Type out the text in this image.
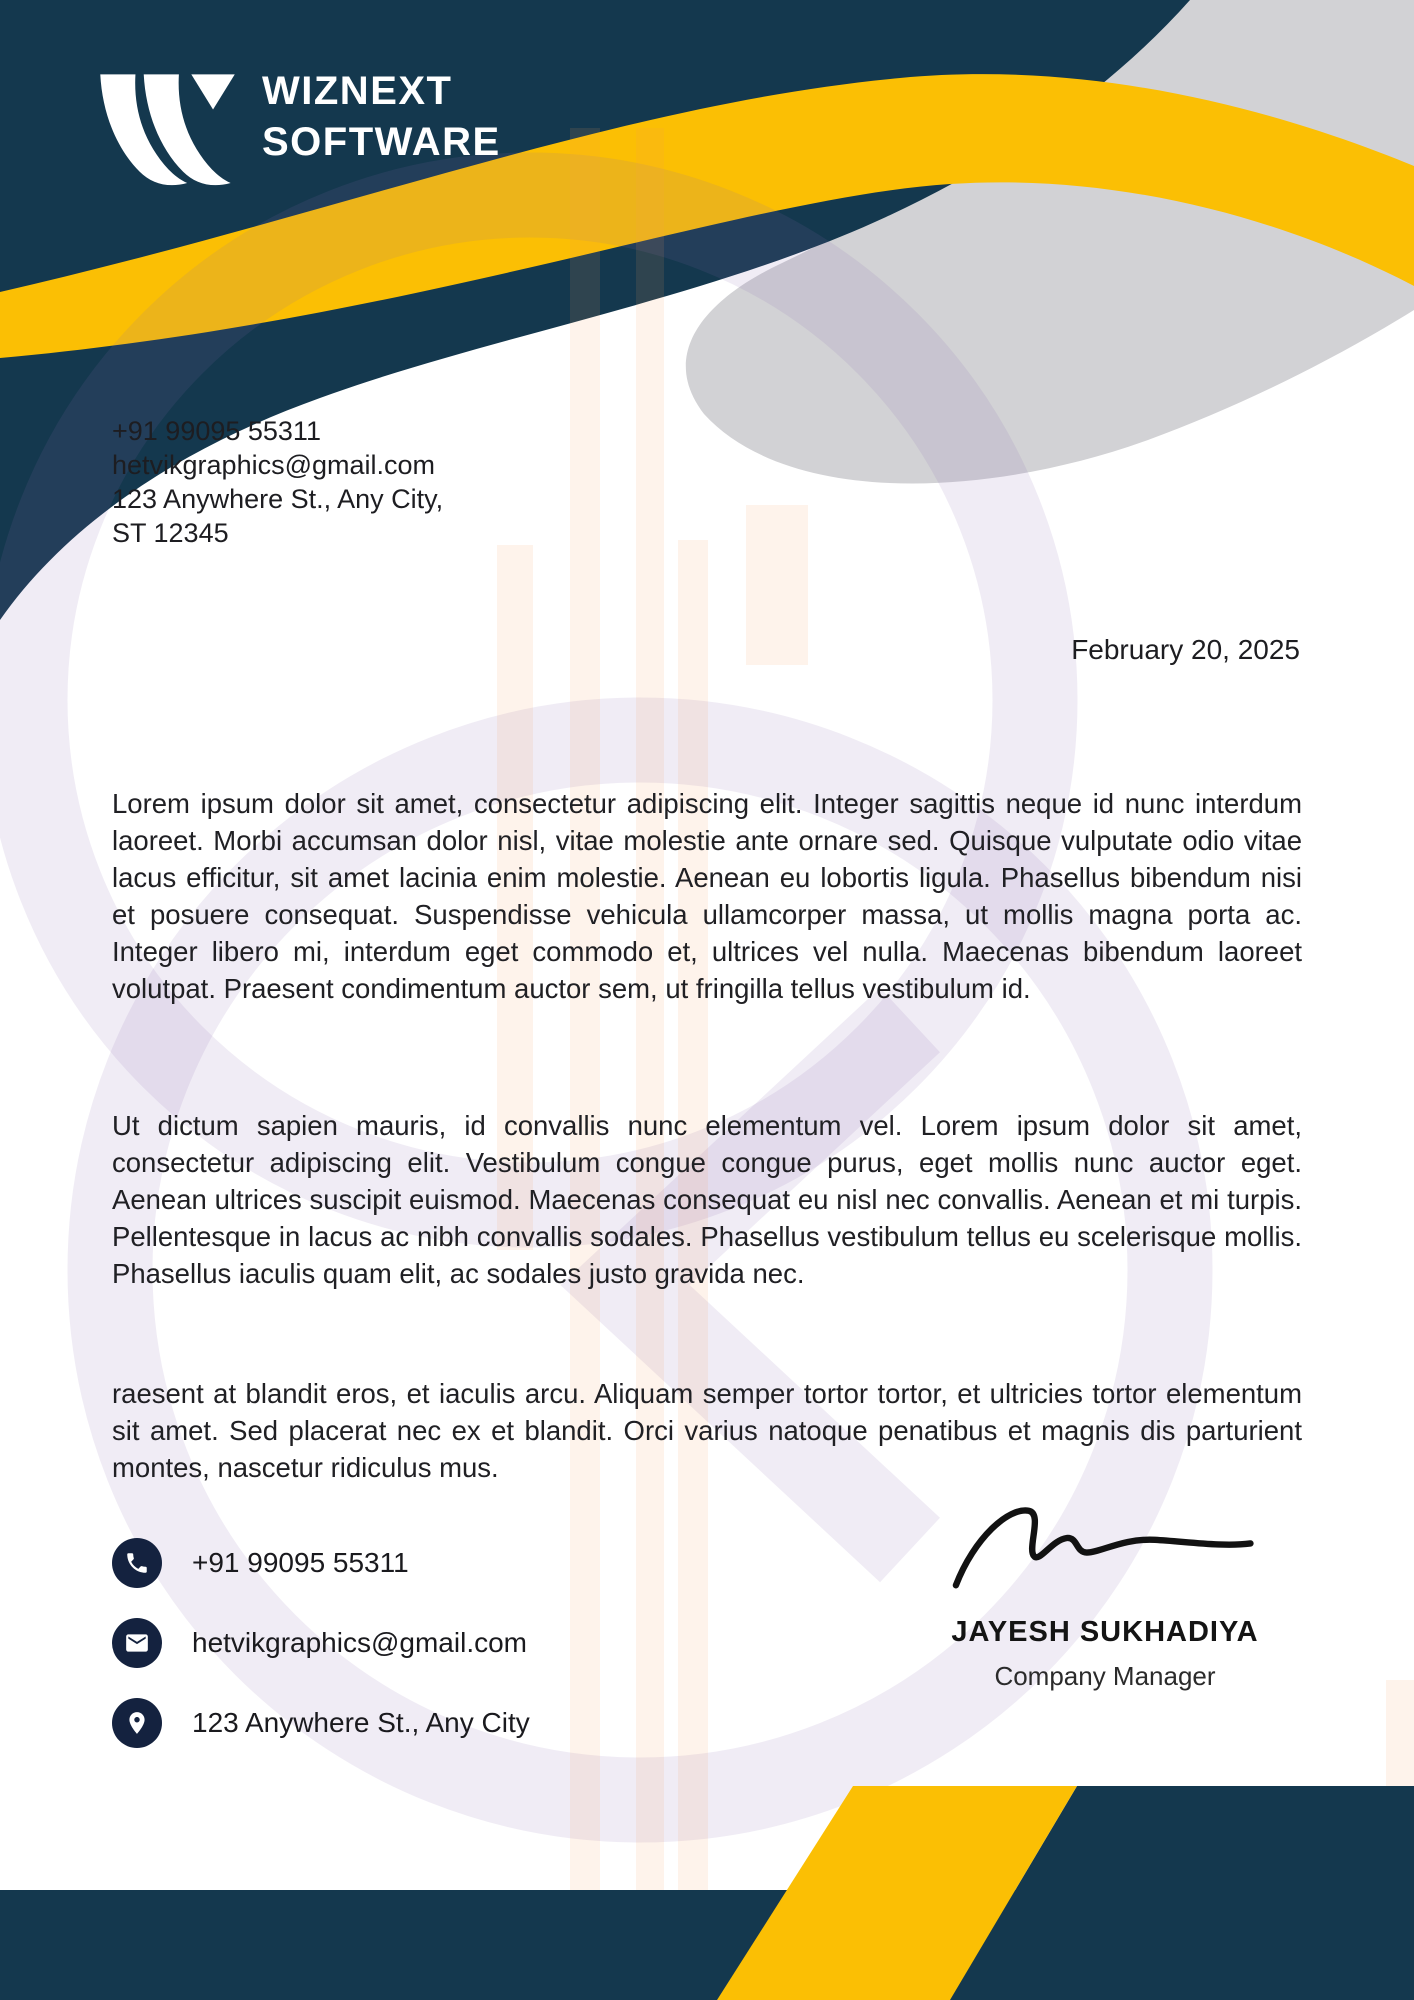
WIZNEXT
SOFTWARE
+91 99095 55311
hetvikgraphics@gmail.com
123 Anywhere St., Any City,
ST 12345
February 20, 2025

Lorem ipsum dolor sit amet, consectetur adipiscing elit. Integer sagittis neque id nunc interdum laoreet. Morbi accumsan dolor nisl, vitae molestie ante ornare sed. Quisque vulputate odio vitae lacus efficitur, sit amet lacinia enim molestie. Aenean eu lobortis ligula. Phasellus bibendum nisi et posuere consequat. Suspendisse vehicula ullamcorper massa, ut mollis magna porta ac. Integer libero mi, interdum eget commodo et, ultrices vel nulla. Maecenas bibendum laoreet volutpat. Praesent condimentum auctor sem, ut fringilla tellus vestibulum id.

Ut dictum sapien mauris, id convallis nunc elementum vel. Lorem ipsum dolor sit amet, consectetur adipiscing elit. Vestibulum congue congue purus, eget mollis nunc auctor eget. Aenean ultrices suscipit euismod. Maecenas consequat eu nisl nec convallis. Aenean et mi turpis. Pellentesque in lacus ac nibh convallis sodales. Phasellus vestibulum tellus eu scelerisque mollis. Phasellus iaculis quam elit, ac sodales justo gravida nec.

raesent at blandit eros, et iaculis arcu. Aliquam semper tortor tortor, et ultricies tortor elementum sit amet. Sed placerat nec ex et blandit. Orci varius natoque penatibus et magnis dis parturient montes, nascetur ridiculus mus.

+91 99095 55311
hetvikgraphics@gmail.com
123 Anywhere St., Any City
JAYESH SUKHADIYA
Company Manager
